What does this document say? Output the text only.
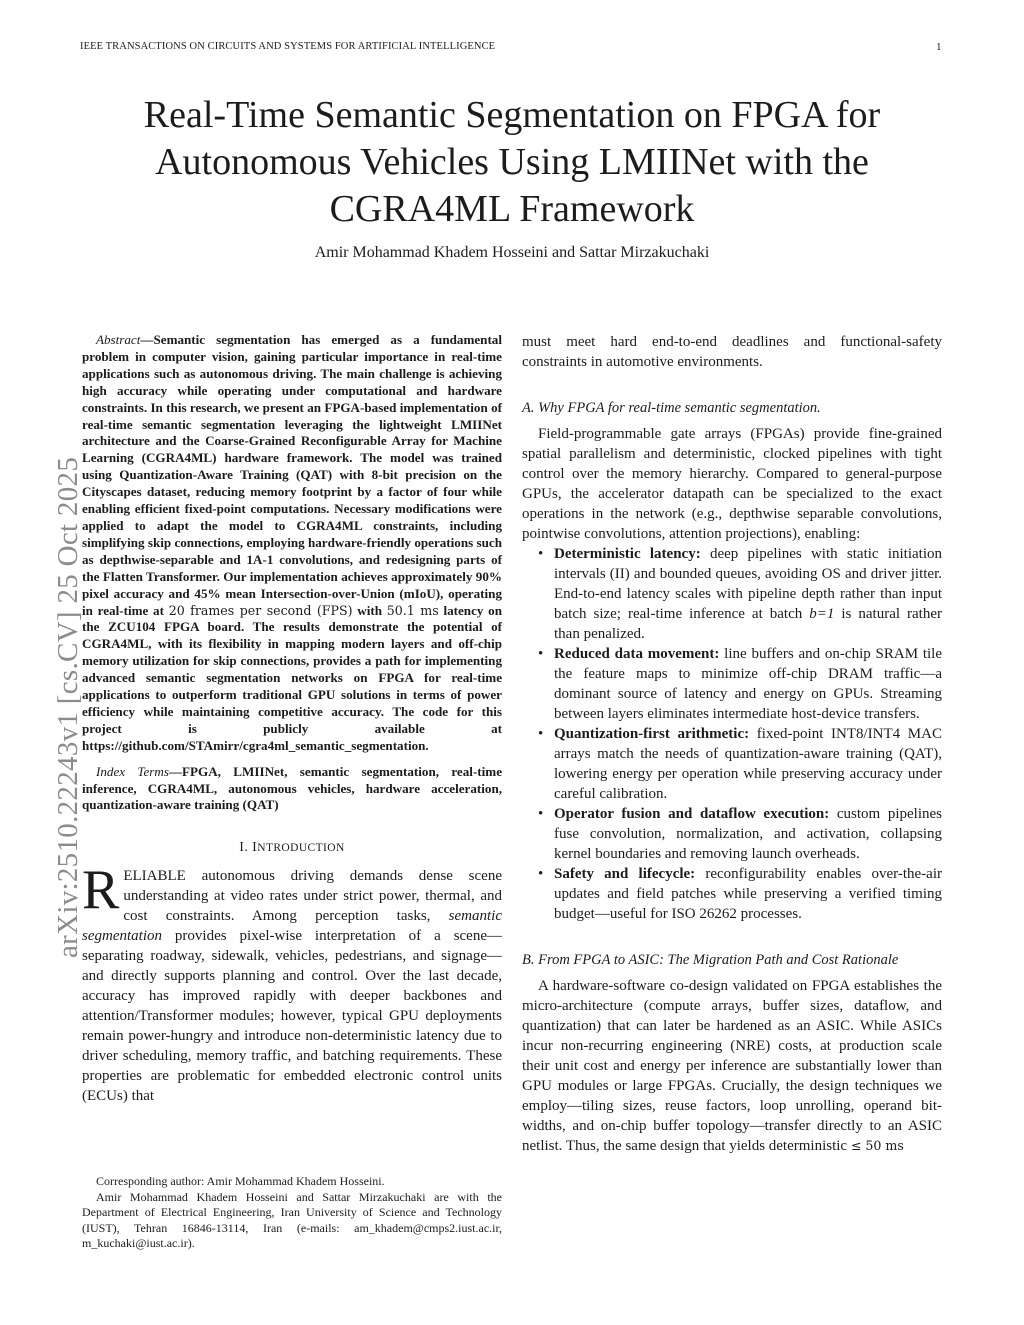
IEEE TRANSACTIONS ON CIRCUITS AND SYSTEMS FOR ARTIFICIAL INTELLIGENCE	1
Real-Time Semantic Segmentation on FPGA for
Autonomous Vehicles Using LMIINet with the
CGRA4ML Framework
Amir Mohammad Khadem Hosseini and Sattar Mirzakuchaki
arXiv:2510.22243v1 [cs.CV] 25 Oct 2025

Abstract—Semantic segmentation has emerged as a fundamental problem in computer vision, gaining particular importance in real-time applications such as autonomous driving. The main challenge is achieving high accuracy while operating under computational and hardware constraints. In this research, we present an FPGA-based implementation of real-time semantic segmentation leveraging the lightweight LMIINet architecture and the Coarse-Grained Reconfigurable Array for Machine Learning (CGRA4ML) hardware framework. The model was trained using Quantization-Aware Training (QAT) with 8-bit precision on the Cityscapes dataset, reducing memory footprint by a factor of four while enabling efficient fixed-point computations. Necessary modifications were applied to adapt the model to CGRA4ML constraints, including simplifying skip connections, employing hardware-friendly operations such as depthwise-separable and 1A-1 convolutions, and redesigning parts of the Flatten Transformer. Our implementation achieves approximately 90% pixel accuracy and 45% mean Intersection-over-Union (mIoU), operating in real-time at 20 frames per second (FPS) with 50.1 ms latency on the ZCU104 FPGA board. The results demonstrate the potential of CGRA4ML, with its flexibility in mapping modern layers and off-chip memory utilization for skip connections, provides a path for implementing advanced semantic segmentation networks on FPGA for real-time applications to outperform traditional GPU solutions in terms of power efficiency while maintaining competitive accuracy. The code for this project is publicly available at https://github.com/STAmirr/cgra4ml_semantic_segmentation.

Index Terms—FPGA, LMIINet, semantic segmentation, real-time inference, CGRA4ML, autonomous vehicles, hardware acceleration, quantization-aware training (QAT)

I. INTRODUCTION

RELIABLE autonomous driving demands dense scene understanding at video rates under strict power, thermal, and cost constraints. Among perception tasks, semantic segmentation provides pixel-wise interpretation of a scene—separating roadway, sidewalk, vehicles, pedestrians, and signage—and directly supports planning and control. Over the last decade, accuracy has improved rapidly with deeper backbones and attention/Transformer modules; however, typical GPU deployments remain power-hungry and introduce non-deterministic latency due to driver scheduling, memory traffic, and batching requirements. These properties are problematic for embedded electronic control units (ECUs) that

Corresponding author: Amir Mohammad Khadem Hosseini.

Amir Mohammad Khadem Hosseini and Sattar Mirzakuchaki are with the Department of Electrical Engineering, Iran University of Science and Technology (IUST), Tehran 16846-13114, Iran (e-mails: am_khadem@cmps2.iust.ac.ir, m_kuchaki@iust.ac.ir).

must meet hard end-to-end deadlines and functional-safety constraints in automotive environments.

A. Why FPGA for real-time semantic segmentation.

Field-programmable gate arrays (FPGAs) provide fine-grained spatial parallelism and deterministic, clocked pipelines with tight control over the memory hierarchy. Compared to general-purpose GPUs, the accelerator datapath can be specialized to the exact operations in the network (e.g., depthwise separable convolutions, pointwise convolutions, attention projections), enabling:

• Deterministic latency: deep pipelines with static initiation intervals (II) and bounded queues, avoiding OS and driver jitter. End-to-end latency scales with pipeline depth rather than input batch size; real-time inference at batch b=1 is natural rather than penalized.
• Reduced data movement: line buffers and on-chip SRAM tile the feature maps to minimize off-chip DRAM traffic—a dominant source of latency and energy on GPUs. Streaming between layers eliminates intermediate host-device transfers.
• Quantization-first arithmetic: fixed-point INT8/INT4 MAC arrays match the needs of quantization-aware training (QAT), lowering energy per operation while preserving accuracy under careful calibration.
• Operator fusion and dataflow execution: custom pipelines fuse convolution, normalization, and activation, collapsing kernel boundaries and removing launch overheads.
• Safety and lifecycle: reconfigurability enables over-the-air updates and field patches while preserving a verified timing budget—useful for ISO 26262 processes.
B. From FPGA to ASIC: The Migration Path and Cost Rationale

A hardware-software co-design validated on FPGA establishes the micro-architecture (compute arrays, buffer sizes, dataflow, and quantization) that can later be hardened as an ASIC. While ASICs incur non-recurring engineering (NRE) costs, at production scale their unit cost and energy per inference are substantially lower than GPU modules or large FPGAs. Crucially, the design techniques we employ—tiling sizes, reuse factors, loop unrolling, operand bit-widths, and on-chip buffer topology—transfer directly to an ASIC netlist. Thus, the same design that yields deterministic ≤ 50 ms
